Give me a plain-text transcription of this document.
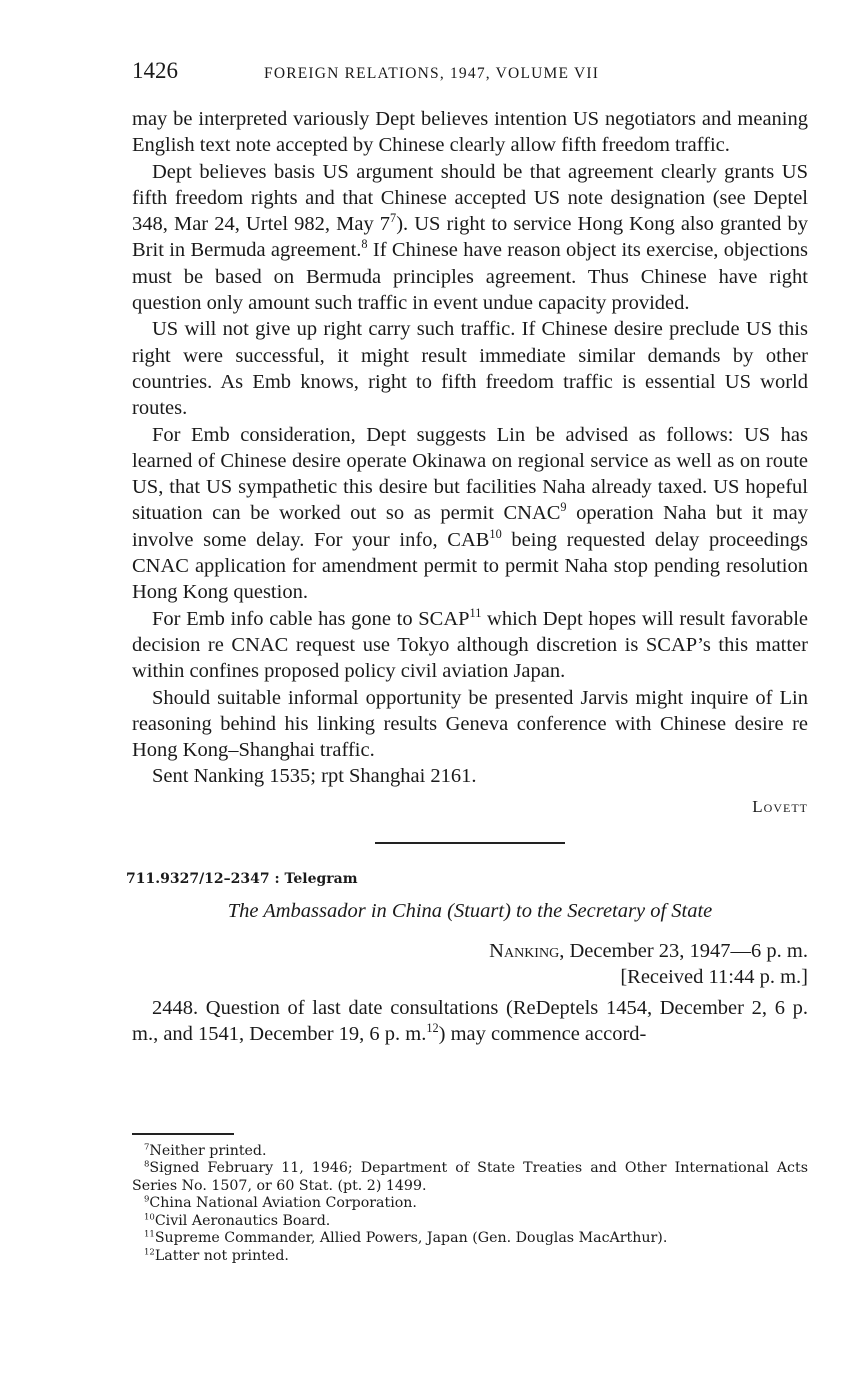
1426	FOREIGN RELATIONS, 1947, VOLUME VII

may be interpreted variously Dept believes intention US negotiators and meaning English text note accepted by Chinese clearly allow fifth freedom traffic.

Dept believes basis US argument should be that agreement clearly grants US fifth freedom rights and that Chinese accepted US note designation (see Deptel 348, Mar 24, Urtel 982, May $7^7$). US right to service Hong Kong also granted by Brit in Bermuda agreement.$^8$ If Chinese have reason object its exercise, objections must be based on Bermuda principles agreement. Thus Chinese have right question only amount such traffic in event undue capacity provided.

US will not give up right carry such traffic. If Chinese desire preclude US this right were successful, it might result immediate similar demands by other countries. As Emb knows, right to fifth freedom traffic is essential US world routes.

For Emb consideration, Dept suggests Lin be advised as follows: US has learned of Chinese desire operate Okinawa on regional service as well as on route US, that US sympathetic this desire but facilities Naha already taxed. US hopeful situation can be worked out so as permit CNAC$^9$ operation Naha but it may involve some delay. For your info, CAB$^{10}$ being requested delay proceedings CNAC application for amendment permit to permit Naha stop pending resolution Hong Kong question.

For Emb info cable has gone to SCAP$^{11}$ which Dept hopes will result favorable decision re CNAC request use Tokyo although discretion is SCAP’s this matter within confines proposed policy civil aviation Japan.

Should suitable informal opportunity be presented Jarvis might inquire of Lin reasoning behind his linking results Geneva conference with Chinese desire re Hong Kong–Shanghai traffic.

Sent Nanking 1535; rpt Shanghai 2161.

Lovett
711.9327/12–2347 : Telegram
The Ambassador in China (Stuart) to the Secretary of State
Nanking, December 23, 1947—6 p. m.
[Received 11:44 p. m.]

2448. Question of last date consultations (ReDeptels 1454, December 2, 6 p. m., and 1541, December 19, 6 p. m.$^{12}$) may commence accord-

$^7$Neither printed.

$^8$Signed February 11, 1946; Department of State Treaties and Other International Acts Series No. 1507, or 60 Stat. (pt. 2) 1499.

$^9$China National Aviation Corporation.

$^{10}$Civil Aeronautics Board.

$^{11}$Supreme Commander, Allied Powers, Japan (Gen. Douglas MacArthur).

$^{12}$Latter not printed.
